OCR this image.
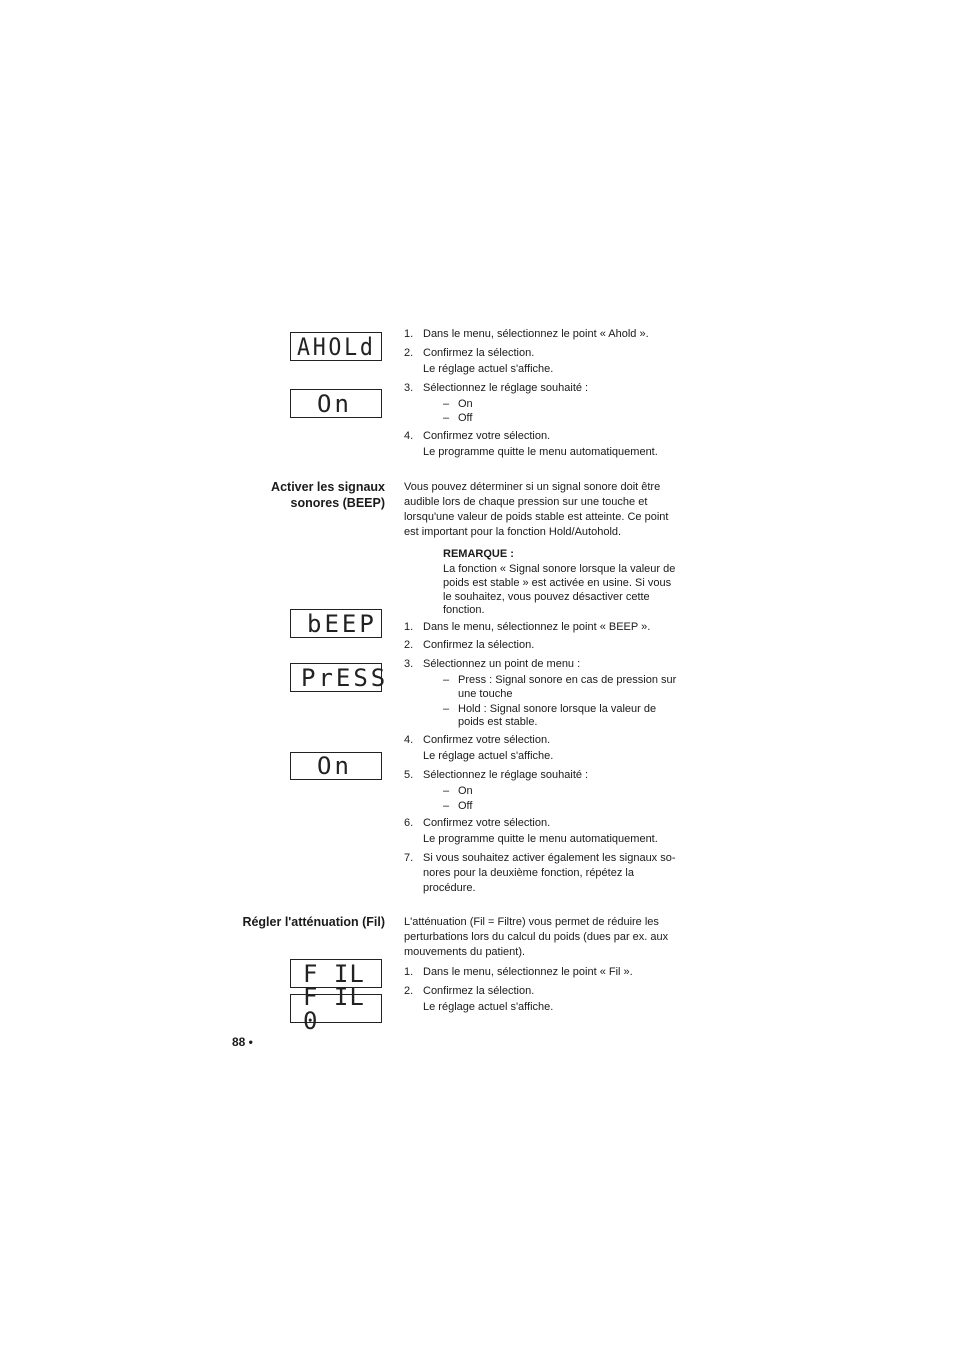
AHOLd
On
bEEP
PrESS
On
F IL
F IL 0
1. Dans le menu, sélectionnez le point « Ahold ».
2. Confirmez la sélection.
Le réglage actuel s'affiche.
3. Sélectionnez le réglage souhaité :
– On
– Off
4. Confirmez votre sélection.
Le programme quitte le menu automatiquement.
Activer les signaux
sonores (BEEP)
Vous pouvez déterminer si un signal sonore doit être
audible lors de chaque pression sur une touche et
lorsqu'une valeur de poids stable est atteinte. Ce point
est important pour la fonction Hold/Autohold.
REMARQUE :
La fonction « Signal sonore lorsque la valeur de
poids est stable » est activée en usine. Si vous
le souhaitez, vous pouvez désactiver cette
fonction.
1. Dans le menu, sélectionnez le point « BEEP ».
2. Confirmez la sélection.
3. Sélectionnez un point de menu :
– Press : Signal sonore en cas de pression sur
une touche
– Hold : Signal sonore lorsque la valeur de
poids est stable.
4. Confirmez votre sélection.
Le réglage actuel s'affiche.
5. Sélectionnez le réglage souhaité :
– On
– Off
6. Confirmez votre sélection.
Le programme quitte le menu automatiquement.
7. Si vous souhaitez activer également les signaux so-
nores pour la deuxième fonction, répétez la
procédure.
Régler l'atténuation (Fil) L'atténuation (Fil = Filtre) vous permet de réduire les
perturbations lors du calcul du poids (dues par ex. aux
mouvements du patient).
1. Dans le menu, sélectionnez le point « Fil ».
2. Confirmez la sélection.
Le réglage actuel s'affiche.
88 •
